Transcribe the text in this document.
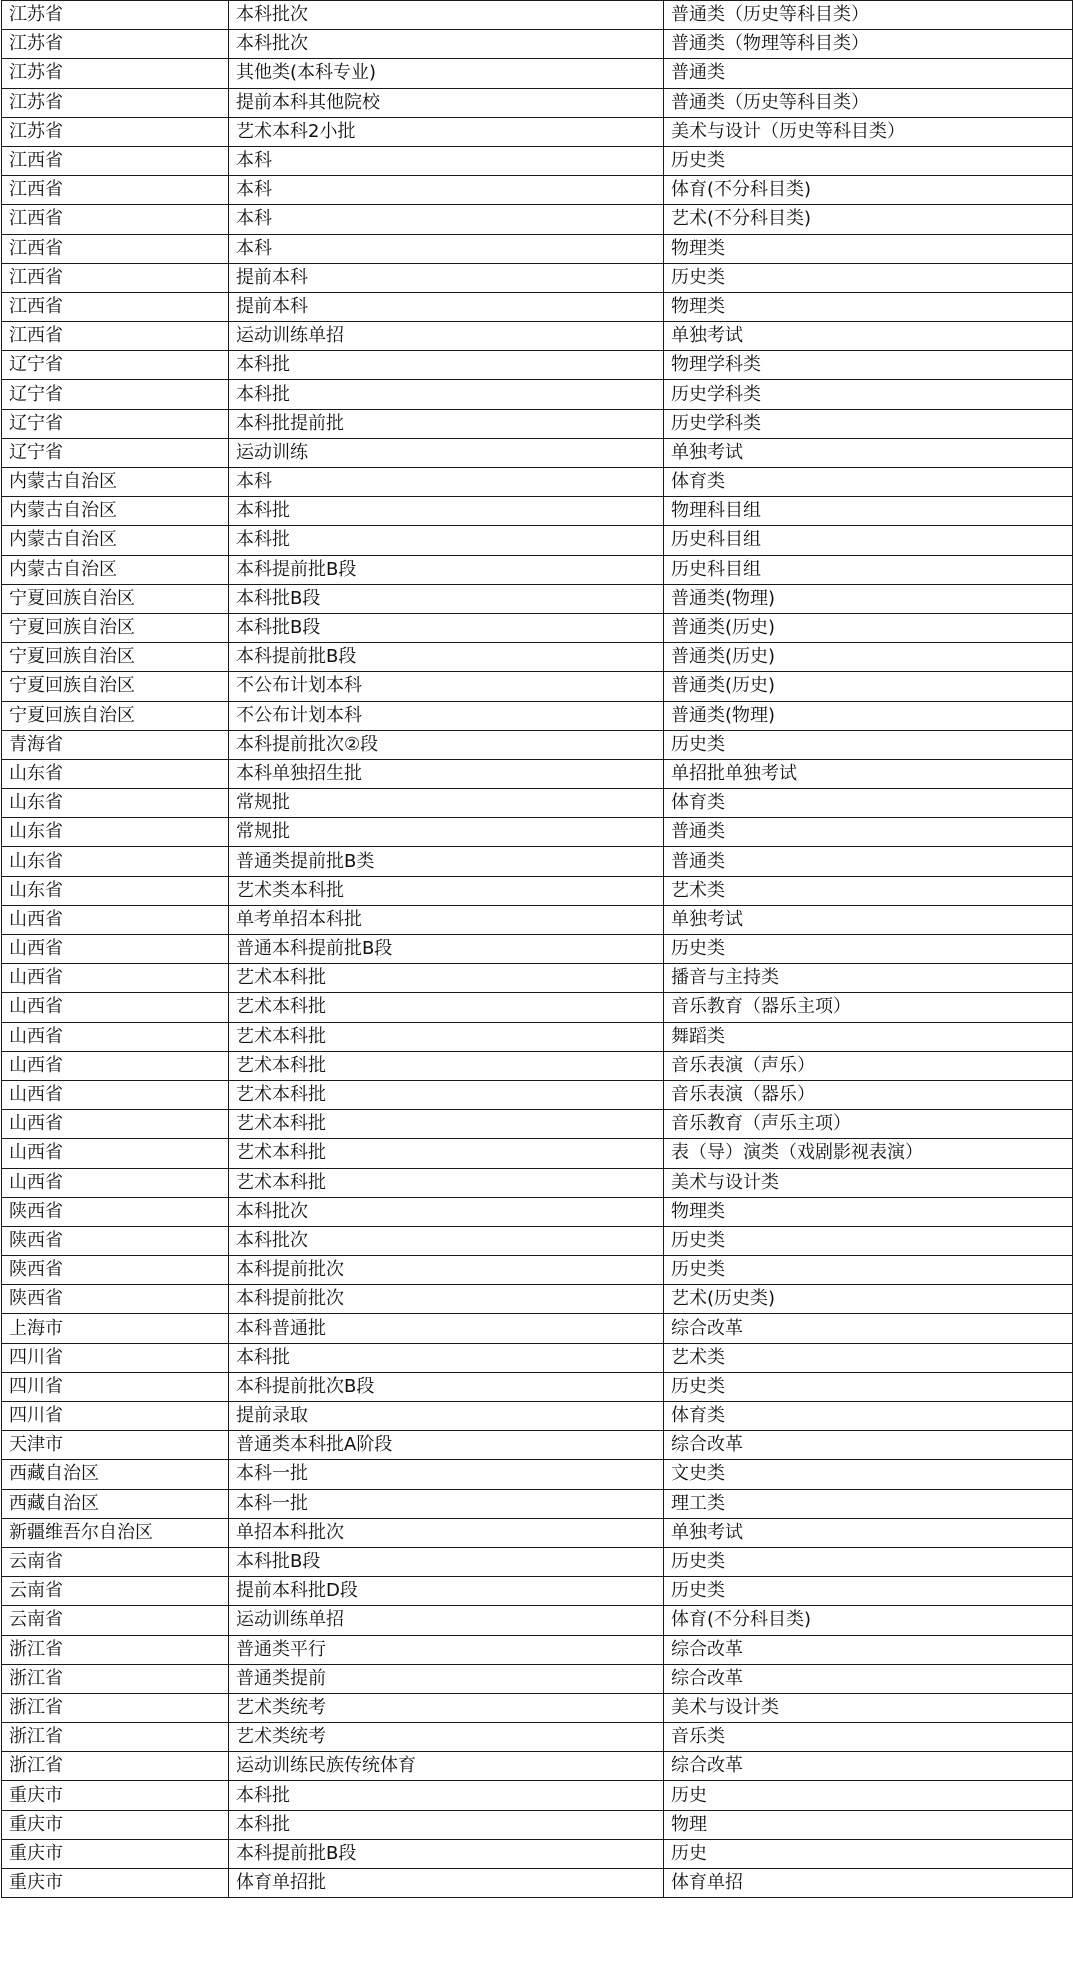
江苏省	本科批次	普通类（历史等科目类）
江苏省	本科批次	普通类（物理等科目类）
江苏省	其他类(本科专业)	普通类
江苏省	提前本科其他院校	普通类（历史等科目类）
江苏省	艺术本科2小批	美术与设计（历史等科目类）
江西省	本科	历史类
江西省	本科	体育(不分科目类)
江西省	本科	艺术(不分科目类)
江西省	本科	物理类
江西省	提前本科	历史类
江西省	提前本科	物理类
江西省	运动训练单招	单独考试
辽宁省	本科批	物理学科类
辽宁省	本科批	历史学科类
辽宁省	本科批提前批	历史学科类
辽宁省	运动训练	单独考试
内蒙古自治区	本科	体育类
内蒙古自治区	本科批	物理科目组
内蒙古自治区	本科批	历史科目组
内蒙古自治区	本科提前批B段	历史科目组
宁夏回族自治区	本科批B段	普通类(物理)
宁夏回族自治区	本科批B段	普通类(历史)
宁夏回族自治区	本科提前批B段	普通类(历史)
宁夏回族自治区	不公布计划本科	普通类(历史)
宁夏回族自治区	不公布计划本科	普通类(物理)
青海省	本科提前批次②段	历史类
山东省	本科单独招生批	单招批单独考试
山东省	常规批	体育类
山东省	常规批	普通类
山东省	普通类提前批B类	普通类
山东省	艺术类本科批	艺术类
山西省	单考单招本科批	单独考试
山西省	普通本科提前批B段	历史类
山西省	艺术本科批	播音与主持类
山西省	艺术本科批	音乐教育（器乐主项）
山西省	艺术本科批	舞蹈类
山西省	艺术本科批	音乐表演（声乐）
山西省	艺术本科批	音乐表演（器乐）
山西省	艺术本科批	音乐教育（声乐主项）
山西省	艺术本科批	表（导）演类（戏剧影视表演）
山西省	艺术本科批	美术与设计类
陕西省	本科批次	物理类
陕西省	本科批次	历史类
陕西省	本科提前批次	历史类
陕西省	本科提前批次	艺术(历史类)
上海市	本科普通批	综合改革
四川省	本科批	艺术类
四川省	本科提前批次B段	历史类
四川省	提前录取	体育类
天津市	普通类本科批A阶段	综合改革
西藏自治区	本科一批	文史类
西藏自治区	本科一批	理工类
新疆维吾尔自治区	单招本科批次	单独考试
云南省	本科批B段	历史类
云南省	提前本科批D段	历史类
云南省	运动训练单招	体育(不分科目类)
浙江省	普通类平行	综合改革
浙江省	普通类提前	综合改革
浙江省	艺术类统考	美术与设计类
浙江省	艺术类统考	音乐类
浙江省	运动训练民族传统体育	综合改革
重庆市	本科批	历史
重庆市	本科批	物理
重庆市	本科提前批B段	历史
重庆市	体育单招批	体育单招
